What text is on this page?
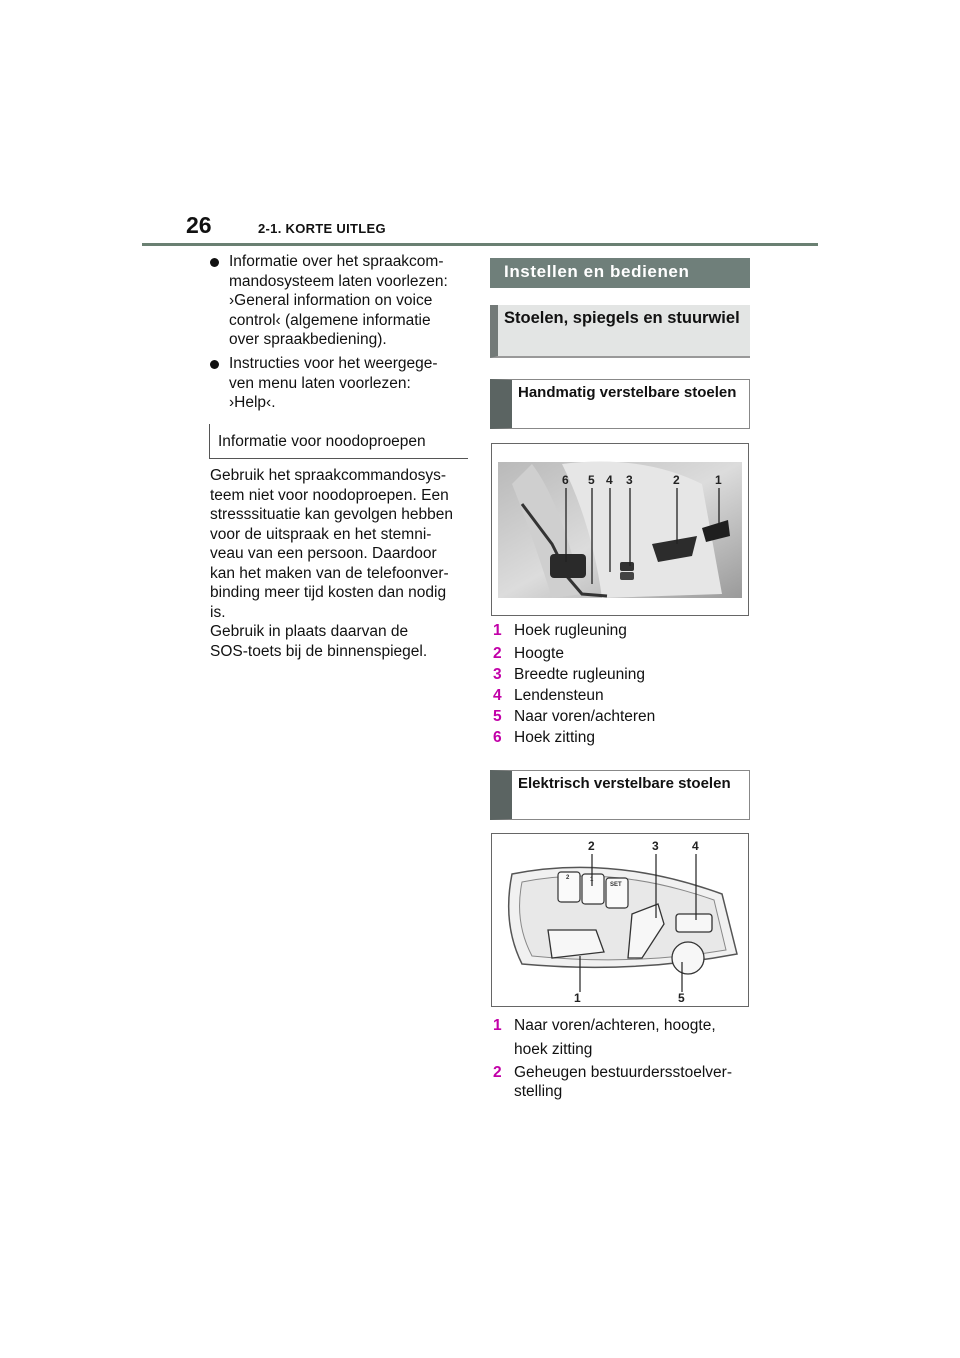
26	2-1. KORTE UITLEG
Informatie over het spraakcom-
mandosysteem laten voorlezen:
›General information on voice
control‹ (algemene informatie
over spraakbediening).
Instructies voor het weergege-
ven menu laten voorlezen:
›Help‹.
Informatie voor noodoproepen
Gebruik het spraakcommandosys-
teem niet voor noodoproepen. Een
stresssituatie kan gevolgen hebben
voor de uitspraak en het stemni-
veau van een persoon. Daardoor
kan het maken van de telefoonver-
binding meer tijd kosten dan nodig
is.
Gebruik in plaats daarvan de
SOS-toets bij de binnenspiegel.
Instellen en bedienen
Stoelen, spiegels en stuurwiel
Handmatig verstelbare stoelen
6 5 4 3	2	1
1 Hoek rugleuning
2 Hoogte
3 Breedte rugleuning
4 Lendensteun
5 Naar voren/achteren
6 Hoek zitting
Elektrisch verstelbare stoelen
2	1
SET
2	3	4
1	5
1 Naar voren/achteren, hoogte,
hoek zitting
2 Geheugen bestuurdersstoelver-
stelling
